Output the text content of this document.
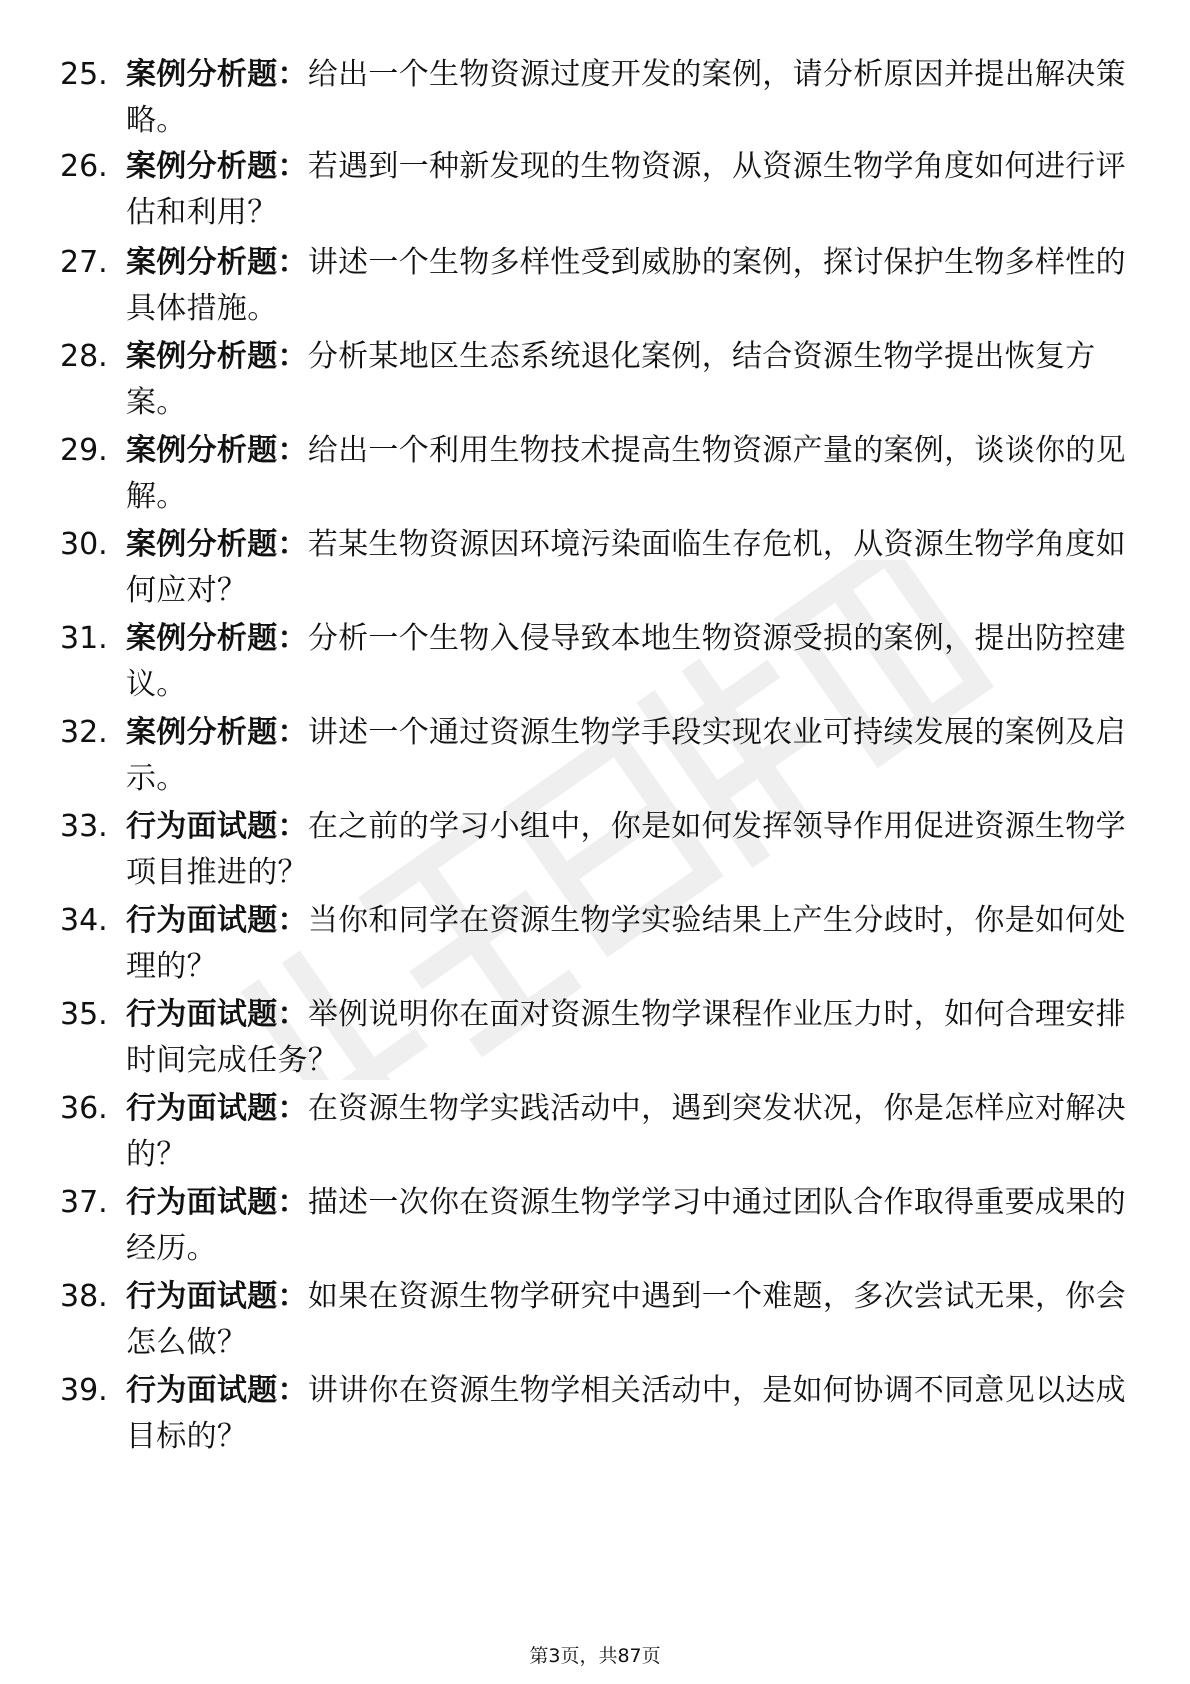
25. 案例分析题：给出一个生物资源过度开发的案例，请分析原因并提出解决策略。
26. 案例分析题：若遇到一种新发现的生物资源，从资源生物学角度如何进行评估和利用？
27. 案例分析题：讲述一个生物多样性受到威胁的案例，探讨保护生物多样性的具体措施。
28. 案例分析题：分析某地区生态系统退化案例，结合资源生物学提出恢复方案。
29. 案例分析题：给出一个利用生物技术提高生物资源产量的案例，谈谈你的见解。
30. 案例分析题：若某生物资源因环境污染面临生存危机，从资源生物学角度如何应对？
31. 案例分析题：分析一个生物入侵导致本地生物资源受损的案例，提出防控建议。
32. 案例分析题：讲述一个通过资源生物学手段实现农业可持续发展的案例及启示。
33. 行为面试题：在之前的学习小组中，你是如何发挥领导作用促进资源生物学项目推进的？
34. 行为面试题：当你和同学在资源生物学实验结果上产生分歧时，你是如何处理的？
35. 行为面试题：举例说明你在面对资源生物学课程作业压力时，如何合理安排时间完成任务？
36. 行为面试题：在资源生物学实践活动中，遇到突发状况，你是怎样应对解决的？
37. 行为面试题：描述一次你在资源生物学学习中通过团队合作取得重要成果的经历。
38. 行为面试题：如果在资源生物学研究中遇到一个难题，多次尝试无果，你会怎么做？
39. 行为面试题：讲讲你在资源生物学相关活动中，是如何协调不同意见以达成目标的？
第3页，共87页
